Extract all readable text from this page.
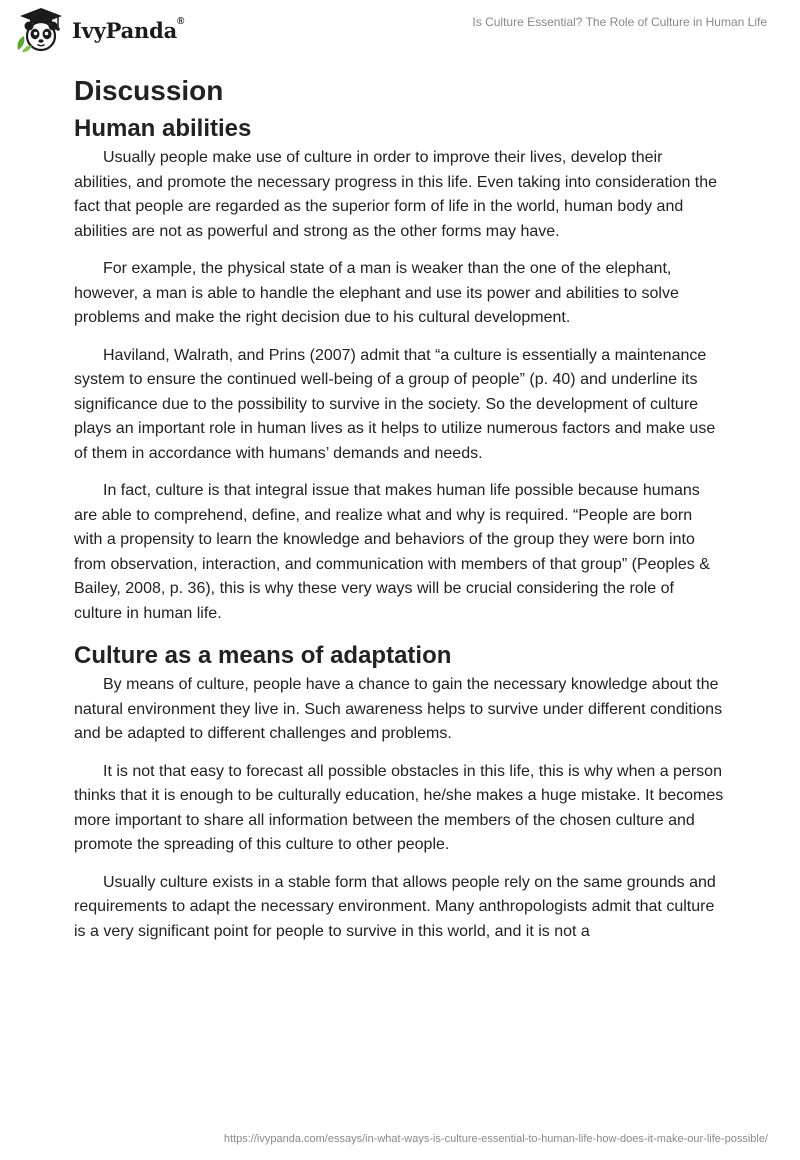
IvyPanda®	Is Culture Essential? The Role of Culture in Human Life
Discussion
Human abilities

Usually people make use of culture in order to improve their lives, develop their abilities, and promote the necessary progress in this life. Even taking into consideration the fact that people are regarded as the superior form of life in the world, human body and abilities are not as powerful and strong as the other forms may have.

For example, the physical state of a man is weaker than the one of the elephant, however, a man is able to handle the elephant and use its power and abilities to solve problems and make the right decision due to his cultural development.

Haviland, Walrath, and Prins (2007) admit that “a culture is essentially a maintenance system to ensure the continued well-being of a group of people” (p. 40) and underline its significance due to the possibility to survive in the society. So the development of culture plays an important role in human lives as it helps to utilize numerous factors and make use of them in accordance with humans’ demands and needs.

In fact, culture is that integral issue that makes human life possible because humans are able to comprehend, define, and realize what and why is required. “People are born with a propensity to learn the knowledge and behaviors of the group they were born into from observation, interaction, and communication with members of that group” (Peoples & Bailey, 2008, p. 36), this is why these very ways will be crucial considering the role of culture in human life.

Culture as a means of adaptation

By means of culture, people have a chance to gain the necessary knowledge about the natural environment they live in. Such awareness helps to survive under different conditions and be adapted to different challenges and problems.

It is not that easy to forecast all possible obstacles in this life, this is why when a person thinks that it is enough to be culturally education, he/she makes a huge mistake. It becomes more important to share all information between the members of the chosen culture and promote the spreading of this culture to other people.

Usually culture exists in a stable form that allows people rely on the same grounds and requirements to adapt the necessary environment. Many anthropologists admit that culture is a very significant point for people to survive in this world, and it is not a

https://ivypanda.com/essays/in-what-ways-is-culture-essential-to-human-life-how-does-it-make-our-life-possible/
